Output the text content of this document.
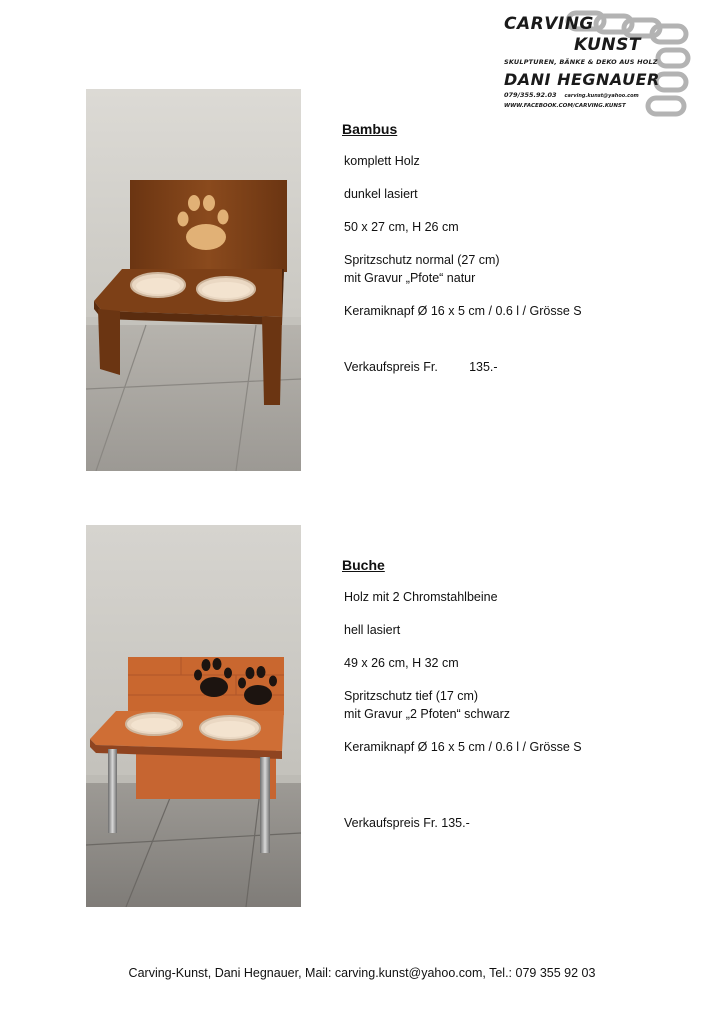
CARVING
KUNST
SKULPTUREN, BÄNKE & DEKO AUS HOLZ
DANI HEGNAUER
079/355.92.03 carving.kunst@yahoo.com
WWW.FACEBOOK.COM/CARVING.KUNST
Bambus
komplett Holz
dunkel lasiert
50 x 27 cm, H 26 cm
Spritzschutz normal (27 cm)
mit Gravur „Pfote“ natur
Keramiknapf Ø 16 x 5 cm / 0.6 l / Grösse S
Verkaufspreis Fr.	135.-
Buche
Holz mit 2 Chromstahlbeine
hell lasiert
49 x 26 cm, H 32 cm
Spritzschutz tief (17 cm)
mit Gravur „2 Pfoten“ schwarz
Keramiknapf Ø 16 x 5 cm / 0.6 l / Grösse S
Verkaufspreis Fr. 135.-
Carving-Kunst, Dani Hegnauer, Mail: carving.kunst@yahoo.com, Tel.: 079 355 92 03
